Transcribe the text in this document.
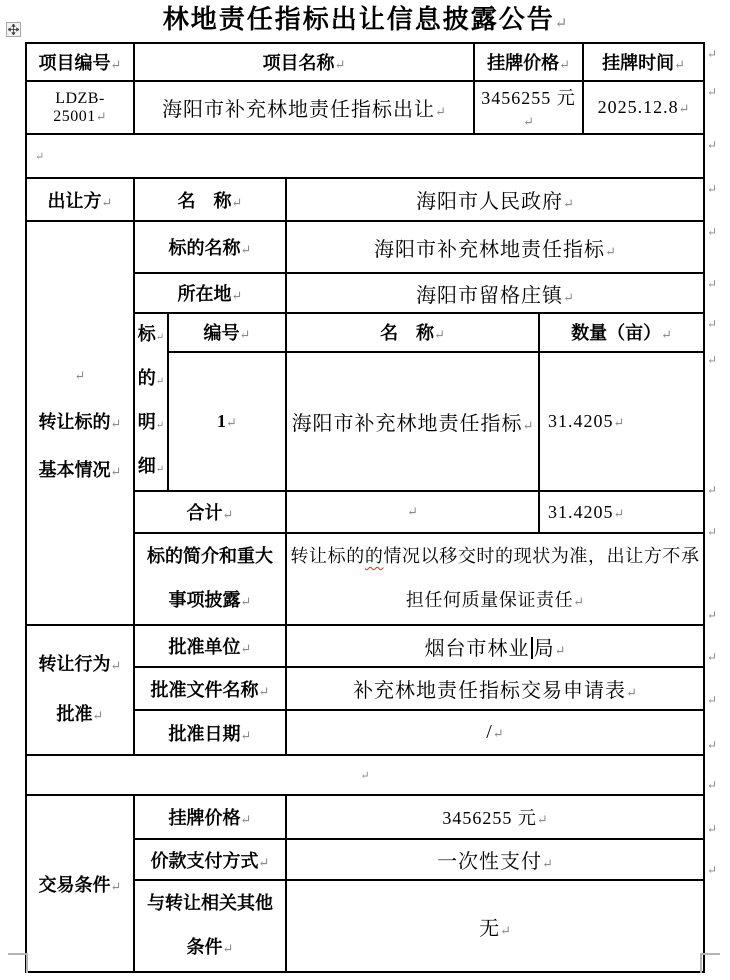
林地责任指标出让信息披露公告↵
项目编号↵	项目名称↵			挂牌价格↵		挂牌时间↵
LDZB-25001↵	海阳市补充林地责任指标出让↵			3456255 元↵		2025.12.8↵
↵						
出让方↵	名　称↵		海阳市人民政府↵			

↵
转让标的↵
基本情况↵	标的名称↵		海阳市补充林地责任指标↵			
	所在地↵		海阳市留格庄镇↵			

	标↵
的↵
明↵
细↵	编号↵	名　称↵		数量（亩）↵	
		1↵	海阳市补充林地责任指标↵		31.4205↵	
	合计↵		↵		31.4205↵	

	标的简介和重大
事项披露↵		转让标的的情况以移交时的现状为准，出让方不承
担任何质量保证责任↵			

转让行为↵
批准↵	批准单位↵		烟台市林业 局↵			
	批准文件名称↵		补充林地责任指标交易申请表↵			
	批准日期↵		/↵			
↵						
交易条件↵	挂牌价格↵		3456255 元↵			
	价款支付方式↵		一次性支付↵			

	与转让相关其他
条件↵		无↵			
↵
↵
↵
↵
↵
↵
↵
↵
↵
↵
↵
↵
↵
↵
↵
↵
↵
